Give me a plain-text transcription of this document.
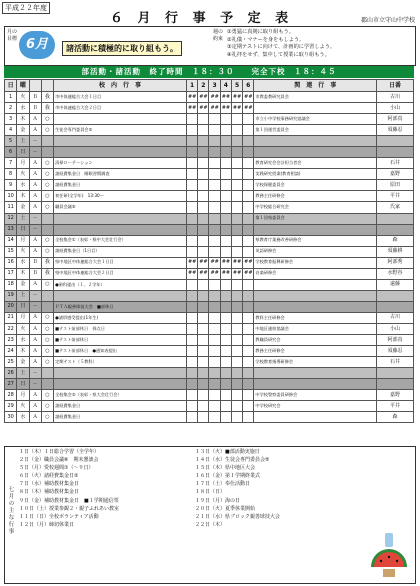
平成２２年度
６ 月 行 事 予 定 表	郡山市立守山中学校
月の目標 6月	諸活動に積極的に取り組もう。
週の約束
①勇猛に真剣に取り組もう。
②礼儀・マナーを身をもしよう。
③定期テストに向けて、計画的に学習しよう。
④礼拝をせず、集中して授業に取り組もう。
部活動・諸活動　終了時間　１８：３０　　完全下校　１８：４５
日	曜			校　内　行　事	1	2	3	4	5	6	関　連　行　事	日番
1	火	Ｂ	我	市中体連総合大会１日目	##	##	##	##	##	##	市教委教研究員会	古川
2	水	Ｂ	我	市中体連総合大会２日目	##	##	##	##	##	##		小山
3	木	Ａ	○								市立小中学校事務研究協議会	阿部真
4	金	Ａ	○	生徒会専門委員会②							第１回運営委員会	須藤忍
5	土	－										
6	日	－										
7	月	Ａ	○	清掃ローテーション							教育研究会会計担当者会	石井
8	火	Ａ	○	諸経費集金日　睡眠習慣調査							実践研究授業(教育相談)	嘉野
9	水	Ａ	○	諸経費集金日							学校保健委員会	原田
10	木	Ａ	○	初任研(全学年)　13:30〜							教務主任研修会	平井
11	金	Ａ	○	職員会議⑤							中学校総合研究会	氏家
12	土	－									第１回県委員会	
13	日	－										
14	月	Ａ	○	全校集会①（表彰・県中大会壮行会）							県教育庁業務改善研修会	森
15	火	Ａ	○	諸経費集金日（1日目）							英語研修会	須藤耕
16	水	Ｂ	我	県中地区中体連総合大会１日目	##	##	##	##	##	##	学校教育振興研修会	阿部秀
17	木	Ｂ	我	県中地区中体連総合大会２日目	##	##	##	##	##	##	音楽研修会	水野谷
18	金	Ａ	○	●歯科提出（１、２学年）								遠藤
19	土	－										
20	日	－		ＰＴＡ親善球技大会　■部休日								
21	月	Ａ	○	●諸帯感受提出(1年生)							教科主任研修会	古川
22	火	Ａ	○	■テスト前部休日　採点日							中地区連絡協議会	小山
23	水	Ａ	○	■テスト前部休日							教職員研究会	阿部真
24	木	Ａ	○	■テスト前部休日　●通知表提出							教務主任研修会	須藤忍
25	金	Ａ	○	定期テスト（５教科）							学校教育指導研修会	石井
26	土	－										
27	日	－										
28	月	Ａ	○	全校集会②（表彰・県大会壮行会）							中学校警察委員研修会	嘉野
29	火	Ａ	○	諸経費集金日							中学校研究会	平井
30	水	Ａ	○	諸経費集金日								森
七月の主な行事
１日（木）１日総合学習（全学年）
２日（金）職員会議⑥　期末懇談会
５日（月）愛校週間①（〜９日）
６日（火）諸経費集金日②
７日（水）補助教材集金日
８日（木）補助教材集金日
９日（金）補助教材集金日　■１学期通信票
１０日（土）授業参観２・親子ふれあい教室
１１日（日）全校ボランティア活動
１２日（月）締切休業日
１３日（火）■部活動実施日
１４日（水）生徒会専門委員会⑤
１５日（木）県中地区大会
１６日（金）第１学期終業式
１７日（土）奉仕活動日
１８日（日）
１９日（月）海の日
２０日（火）夏季休業開始
２１日（水）県ブロック親善球技大会
２２日（木）
